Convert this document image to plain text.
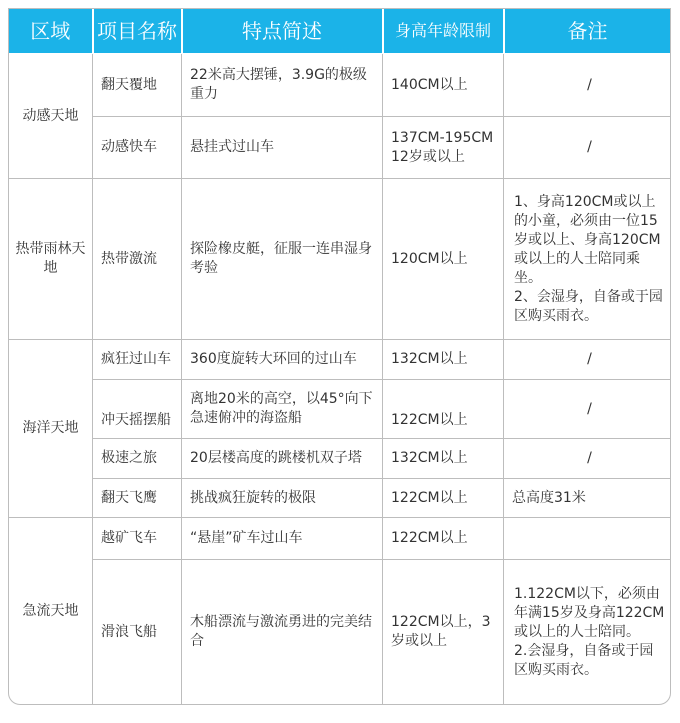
区域	项目名称	特点简述	身高年龄限制	备注
动感天地	翻天覆地	22米高大摆锤，3.9G的极级重力	140CM以上	/
	动感快车	悬挂式过山车	137CM-195CM 12岁或以上	/
热带雨林天地	热带激流	探险橡皮艇，征服一连串湿身考验	120CM以上	1、身高120CM或以上的小童，必须由一位15岁或以上、身高120CM或以上的人士陪同乘坐。
2、会湿身，自备或于园区购买雨衣。
海洋天地	疯狂过山车	360度旋转大环回的过山车	132CM以上	/
	冲天摇摆船	离地20米的高空，以45°向下急速俯冲的海盗船	122CM以上	/
	极速之旅	20层楼高度的跳楼机双子塔	132CM以上	/
	翻天飞鹰	挑战疯狂旋转的极限	122CM以上	总高度31米
急流天地	越矿飞车	“悬崖”矿车过山车	122CM以上	
	滑浪飞船	木船漂流与激流勇进的完美结合	122CM以上，3岁或以上	1.122CM以下，必须由年满15岁及身高122CM或以上的人士陪同。
2.会湿身，自备或于园区购买雨衣。
